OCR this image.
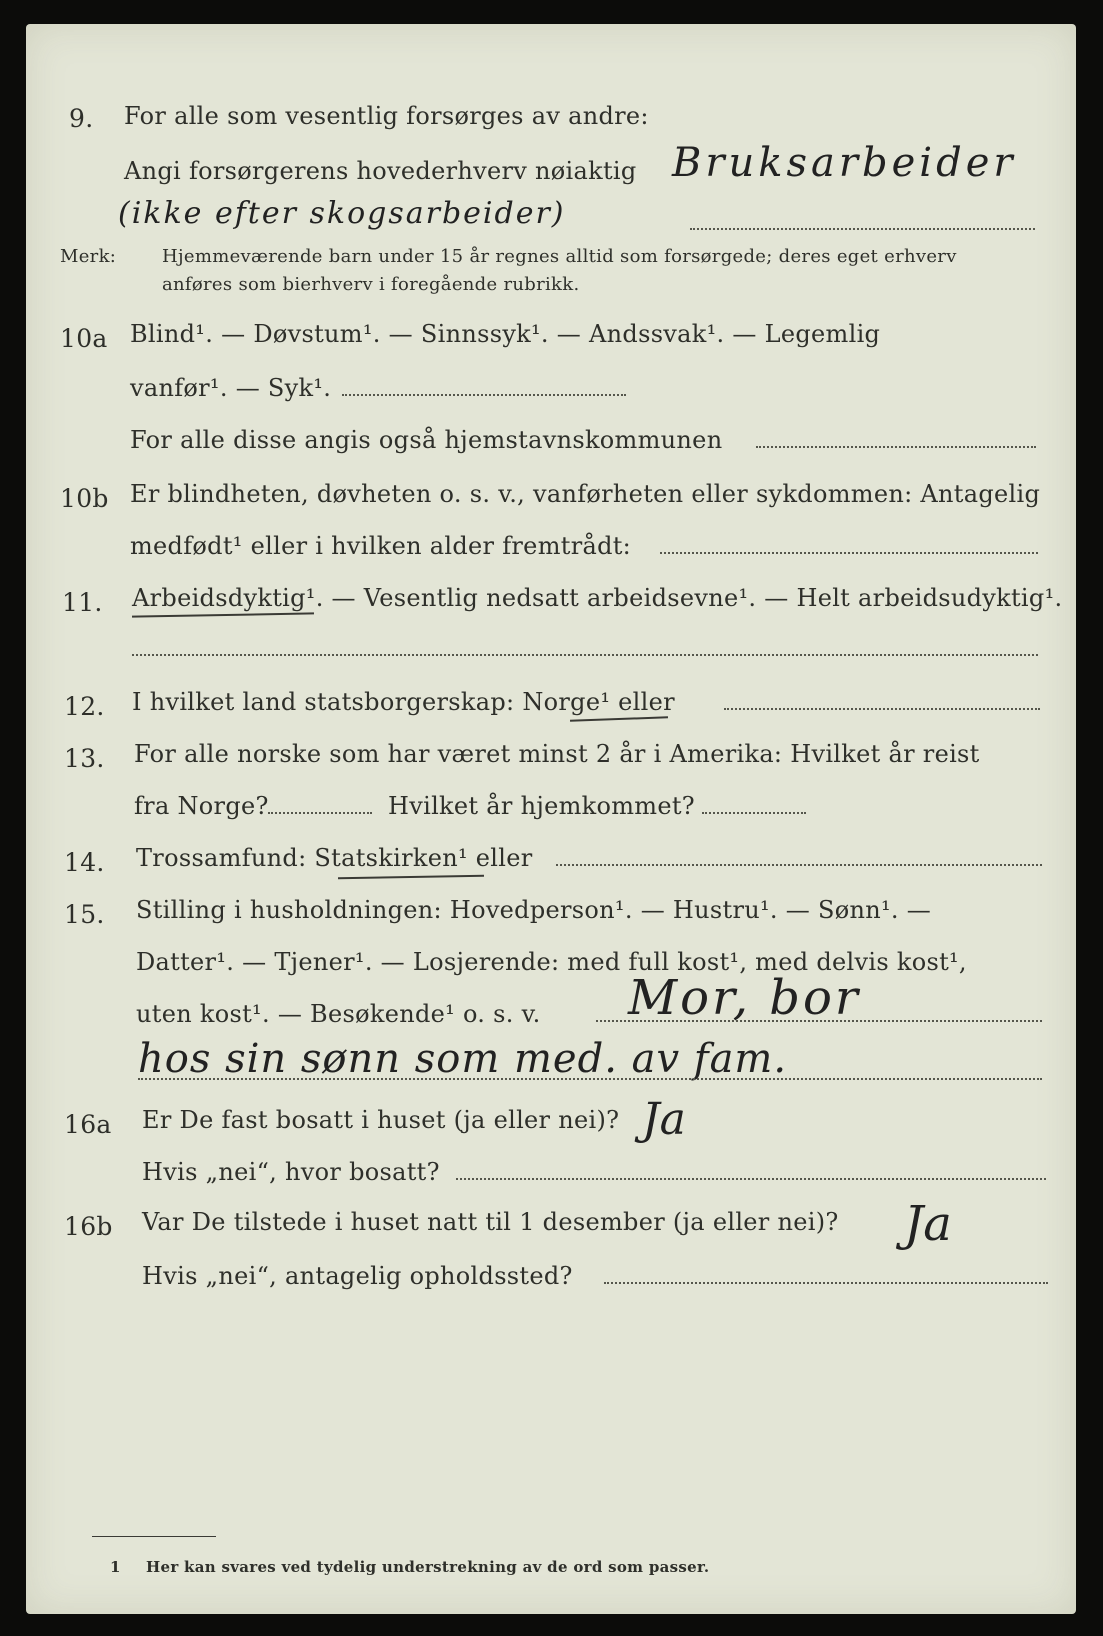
9. For alle som vesentlig forsørges av andre:
Angi forsørgerens hovederhverv nøiaktig Bruksarbeider
(ikke efter skogsarbeider)
Merk:	Hjemmeværende barn under 15 år regnes alltid som forsørgede; deres eget erhverv
anføres som bierhverv i foregående rubrikk.
10a Blind¹. — Døvstum¹. — Sinnssyk¹. — Andssvak¹. — Legemlig
vanfør¹. — Syk¹.
For alle disse angis også hjemstavnskommunen
10b Er blindheten, døvheten o. s. v., vanførheten eller sykdommen: Antagelig
medfødt¹ eller i hvilken alder fremtrådt:
11. Arbeidsdyktig¹. — Vesentlig nedsatt arbeidsevne¹. — Helt arbeidsudyktig¹.
12. I hvilket land statsborgerskap: Norge¹ eller
13. For alle norske som har været minst 2 år i Amerika: Hvilket år reist
fra Norge?	Hvilket år hjemkommet?
14. Trossamfund: Statskirken¹ eller
15. Stilling i husholdningen: Hovedperson¹. — Hustru¹. — Sønn¹. —
Datter¹. — Tjener¹. — Losjerende: med full kost¹, med delvis kost¹,
uten kost¹. — Besøkende¹ o. s. v. Mor, bor
hos sin sønn som med. av fam.
16a Er De fast bosatt i huset (ja eller nei)? Ja
Hvis „nei“, hvor bosatt?
16b Var De tilstede i huset natt til 1 desember (ja eller nei)? Ja
Hvis „nei“, antagelig opholdssted?
1 Her kan svares ved tydelig understrekning av de ord som passer.
